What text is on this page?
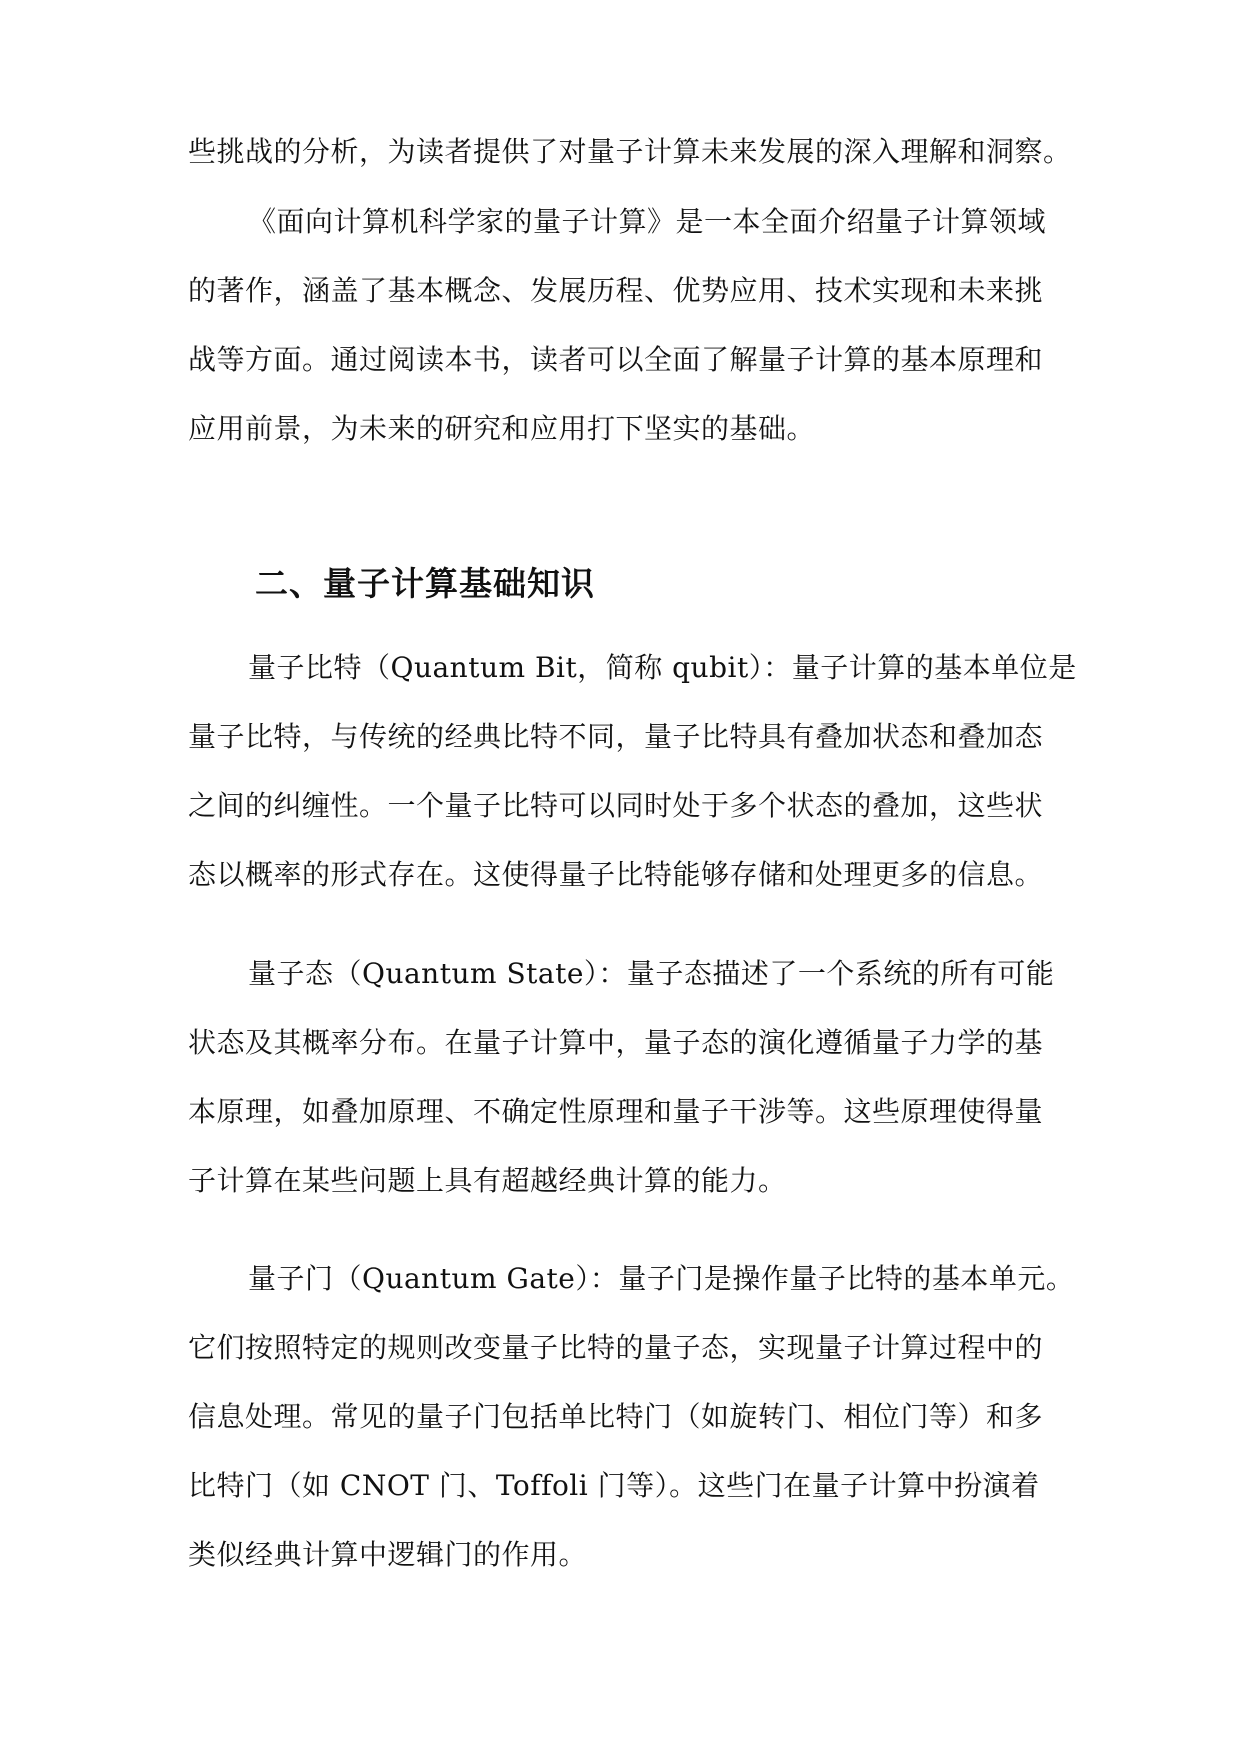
些挑战的分析，为读者提供了对量子计算未来发展的深入理解和洞察。
《面向计算机科学家的量子计算》是一本全面介绍量子计算领域
的著作，涵盖了基本概念、发展历程、优势应用、技术实现和未来挑
战等方面。通过阅读本书，读者可以全面了解量子计算的基本原理和
应用前景，为未来的研究和应用打下坚实的基础。
二、量子计算基础知识
量子比特（Quantum Bit，简称 qubit）：量子计算的基本单位是
量子比特，与传统的经典比特不同，量子比特具有叠加状态和叠加态
之间的纠缠性。一个量子比特可以同时处于多个状态的叠加，这些状
态以概率的形式存在。这使得量子比特能够存储和处理更多的信息。
量子态（Quantum State）：量子态描述了一个系统的所有可能
状态及其概率分布。在量子计算中，量子态的演化遵循量子力学的基
本原理，如叠加原理、不确定性原理和量子干涉等。这些原理使得量
子计算在某些问题上具有超越经典计算的能力。
量子门（Quantum Gate）：量子门是操作量子比特的基本单元。
它们按照特定的规则改变量子比特的量子态，实现量子计算过程中的
信息处理。常见的量子门包括单比特门（如旋转门、相位门等）和多
比特门（如 CNOT 门、Toffoli 门等）。这些门在量子计算中扮演着
类似经典计算中逻辑门的作用。
